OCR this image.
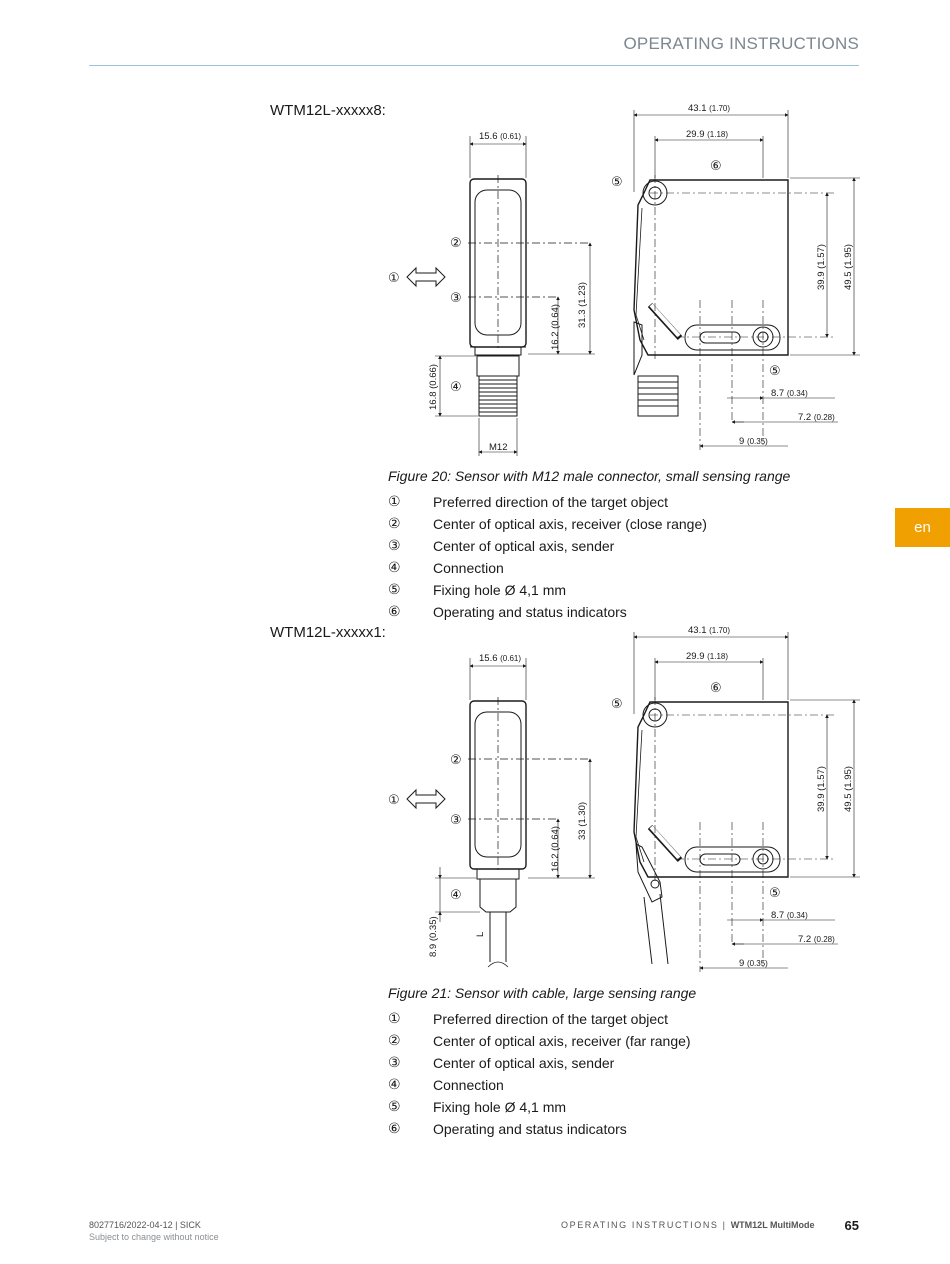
OPERATING INSTRUCTIONS
en
WTM12L-xxxxx8:
15.6 (0.61)
43.1 (1.70)
29.9 (1.18)
31.3 (1.23)
16.2 (0.64)
16.8 (0.66)
M12
39.9 (1.57) 49.5 (1.95)
8.7 (0.34)
7.2 (0.28)
9 (0.35)
①
②
③
④
⑤
⑤
⑥
Figure 20: Sensor with M12 male connector, small sensing range
①	Preferred direction of the target object
②	Center of optical axis, receiver (close range)
③	Center of optical axis, sender
④	Connection
⑤	Fixing hole Ø 4,1 mm
⑥	Operating and status indicators
WTM12L-xxxxx1:
15.6 (0.61)
43.1 (1.70)
29.9 (1.18)
33 (1.30)
16.2 (0.64)
8.9 (0.35)	L
39.9 (1.57) 49.5 (1.95)
8.7 (0.34)
7.2 (0.28)
9 (0.35)
①
②
③
④
⑤
⑤
⑥
Figure 21: Sensor with cable, large sensing range
①	Preferred direction of the target object
②	Center of optical axis, receiver (far range)
③	Center of optical axis, sender
④	Connection
⑤	Fixing hole Ø 4,1 mm
⑥	Operating and status indicators
8027716/2022-04-12 | SICK
Subject to change without notice
OPERATING INSTRUCTIONS | WTM12L MultiMode 65
